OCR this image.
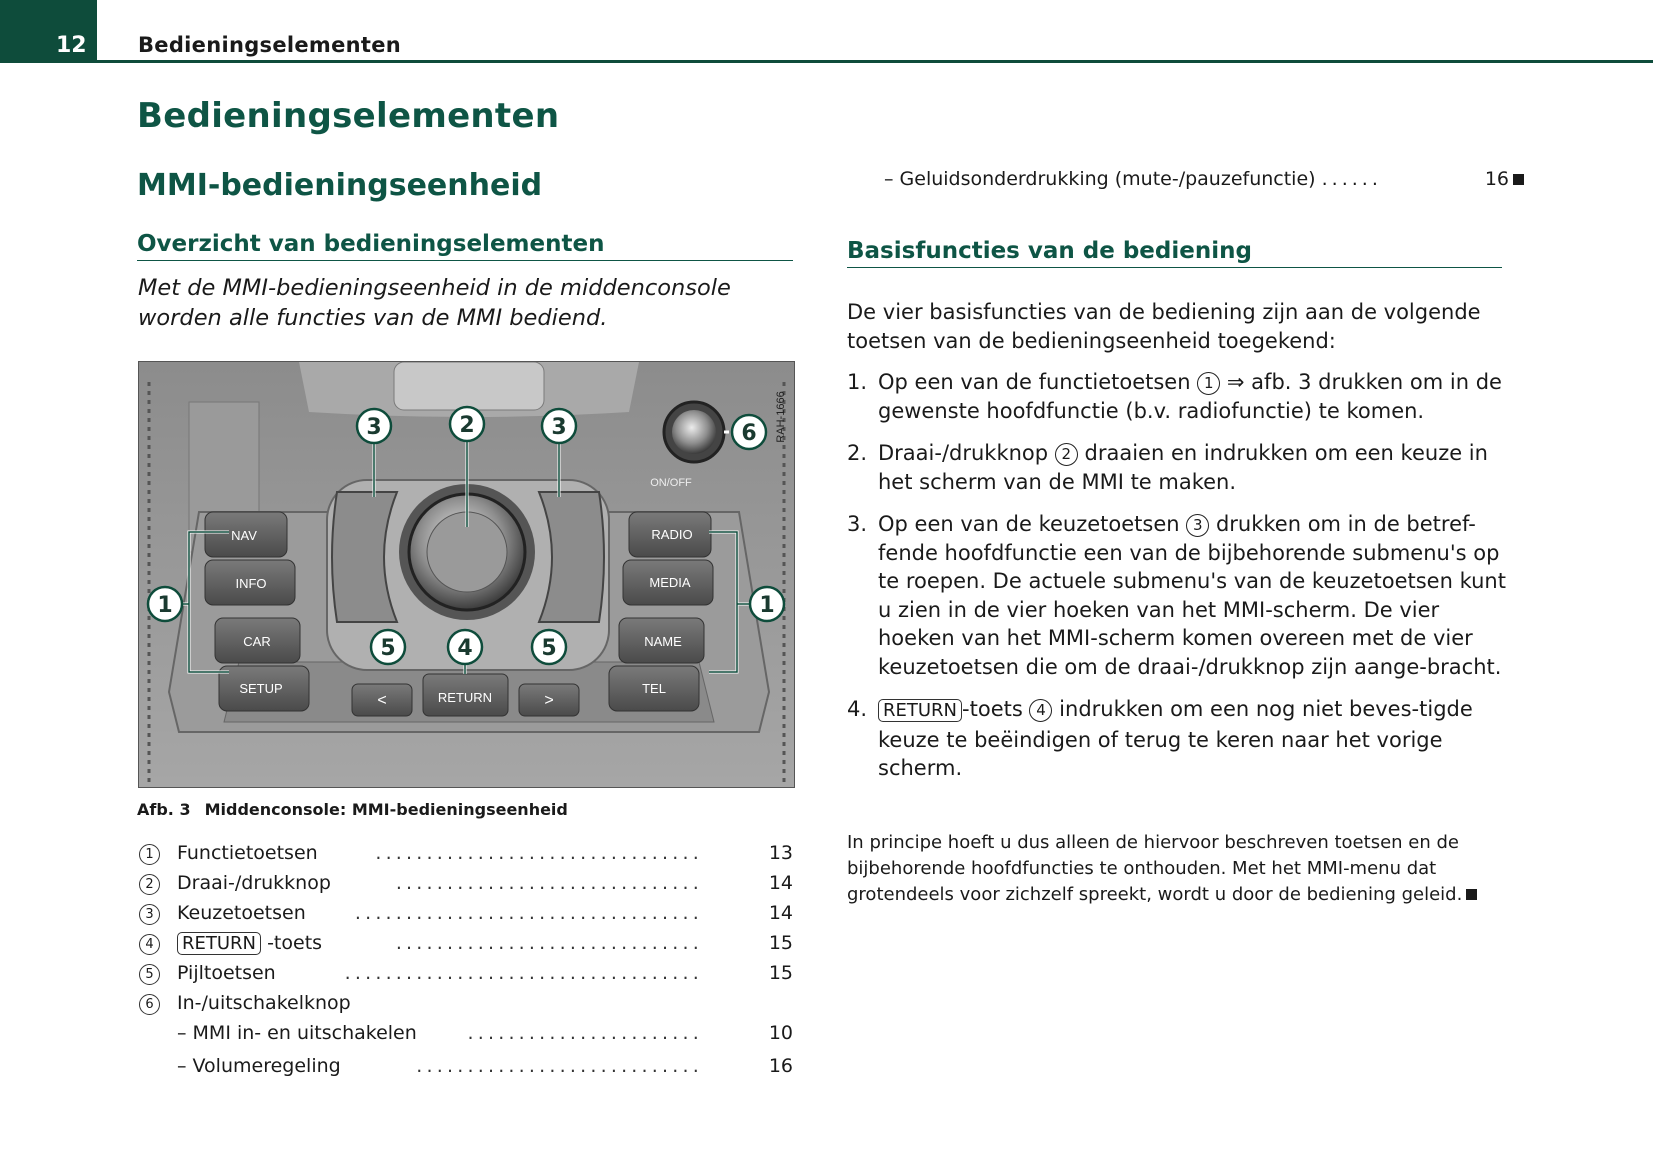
12 Bedieningselementen
Bedieningselementen
MMI-bedieningseenheid
Overzicht van bedieningselementen
Met de MMI-bedieningseenheid in de middenconsole worden alle functies van de MMI bediend.
NAV
INFO
CAR
SETUP
RADIO
MEDIA
NAME
TEL
RETURN
<	>
ON/OFF
RAH-1666
1	1
2
3	3
4
5	5
6
Afb. 3 Middenconsole: MMI-bedieningseenheid
1	Functietoetsen	................................	13
2	Draai-/drukknop	..............................	14
3	Keuzetoetsen	..................................	14
4	RETURN -toets	..............................	15
5	Pijltoetsen	...................................	15
6	In-/uitschakelknop
– MMI in- en uitschakelen	.......................	10
– Volumeregeling	............................	16
– Geluidsonderdrukking (mute-/pauzefunctie) ......	16
Basisfuncties van de bediening
De vier basisfuncties van de bediening zijn aan de volgende toetsen van de bedieningseenheid toegekend:
1. Op een van de functietoetsen 1 ⇒ afb. 3 drukken om in de gewenste hoofdfunctie (b.v. radiofunctie) te komen.
2. Draai-/drukknop 2 draaien en indrukken om een keuze in het scherm van de MMI te maken.
3. Op een van de keuzetoetsen 3 drukken om in de betref-fende hoofdfunctie een van de bijbehorende submenu's op te roepen. De actuele submenu's van de keuzetoetsen kunt u zien in de vier hoeken van het MMI-scherm. De vier hoeken van het MMI-scherm komen overeen met de vier keuzetoetsen die om de draai-/drukknop zijn aange-bracht.
4. RETURN -toets 4 indrukken om een nog niet beves-tigde keuze te beëindigen of terug te keren naar het vorige scherm.
In principe hoeft u dus alleen de hiervoor beschreven toetsen en de bijbehorende hoofdfuncties te onthouden. Met het MMI-menu dat grotendeels voor zichzelf spreekt, wordt u door de bediening geleid.
